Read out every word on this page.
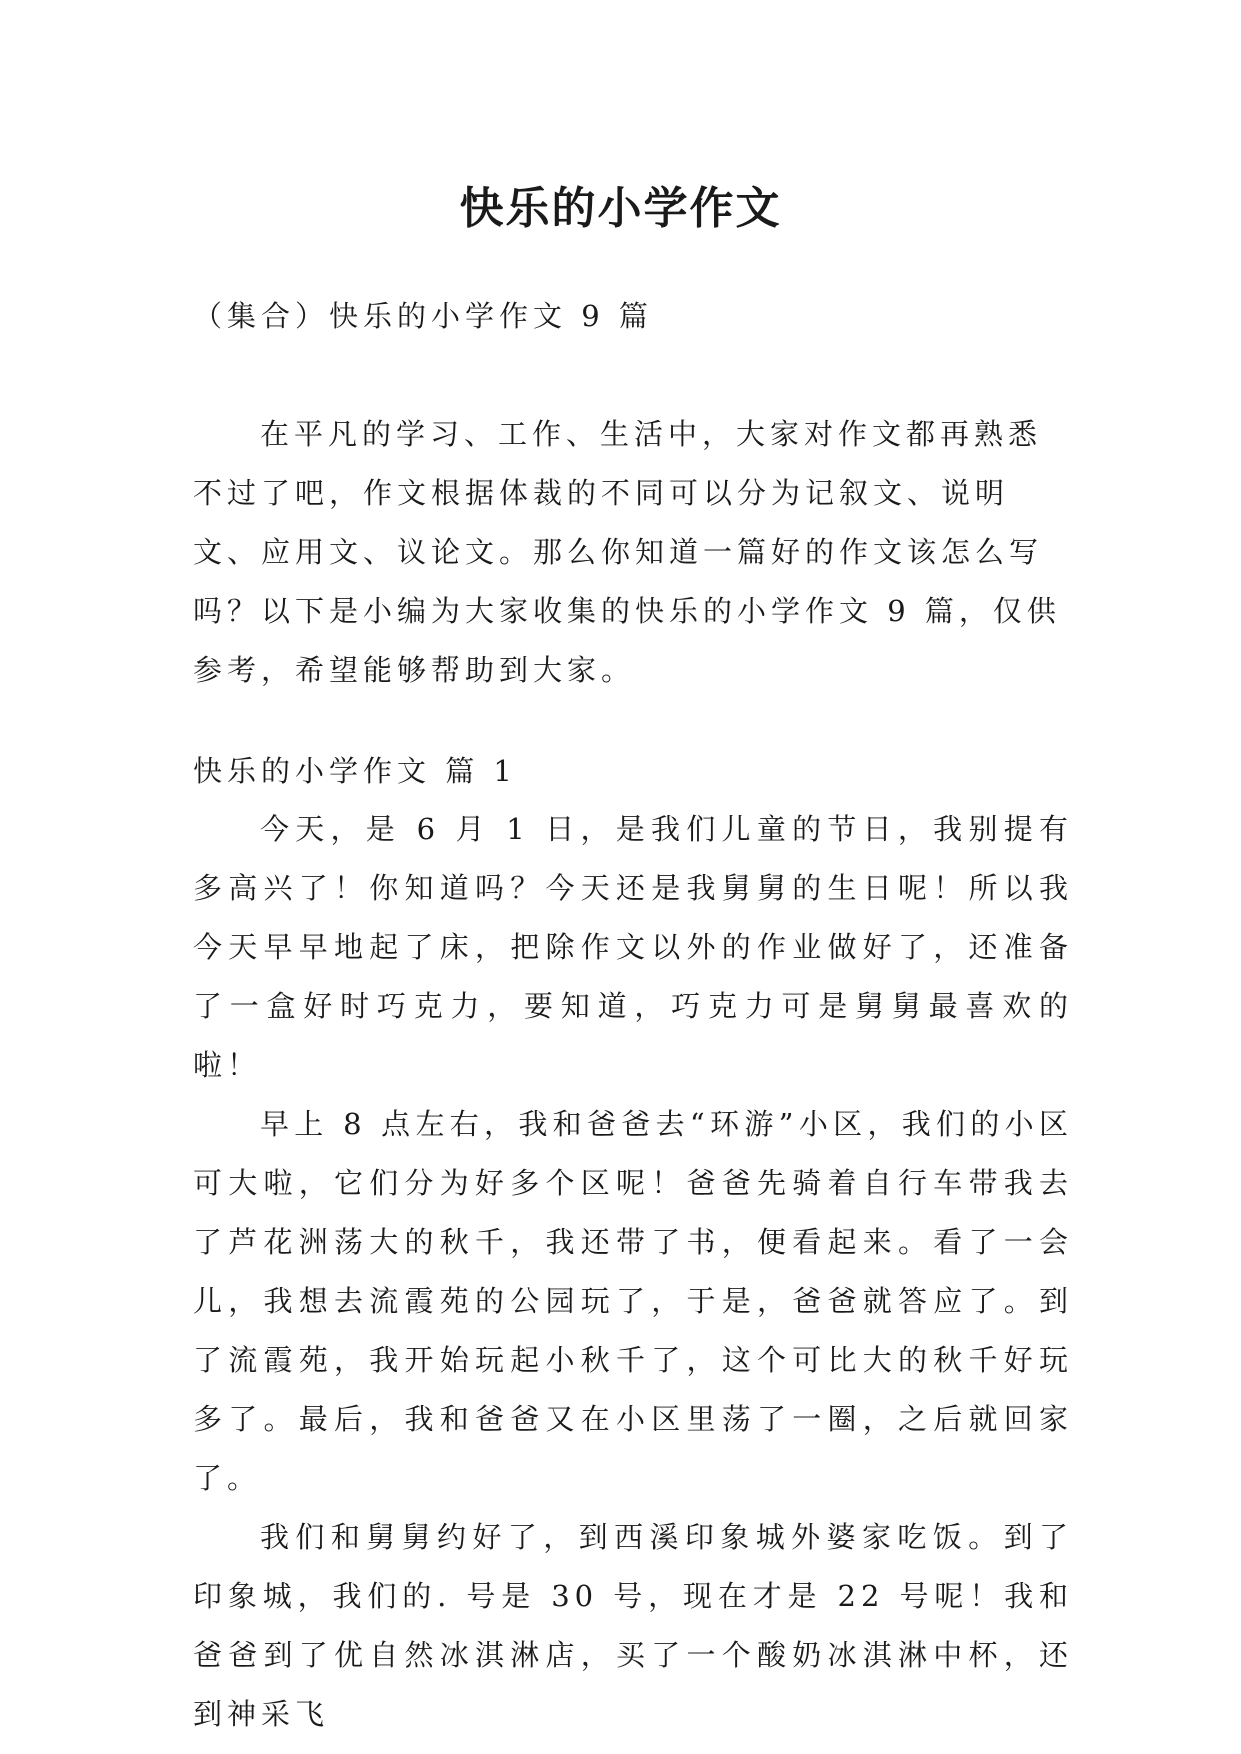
快乐的小学作文
（集合）快乐的小学作文 9 篇

在平凡的学习、工作、生活中，大家对作文都再熟悉不过了吧，作文根据体裁的不同可以分为记叙文、说明文、应用文、议论文。那么你知道一篇好的作文该怎么写吗？以下是小编为大家收集的快乐的小学作文 9 篇，仅供参考，希望能够帮助到大家。

快乐的小学作文 篇 1

今天，是 6 月 1 日，是我们儿童的节日，我别提有多高兴了！你知道吗？今天还是我舅舅的生日呢！所以我今天早早地起了床，把除作文以外的作业做好了，还准备了一盒好时巧克力，要知道，巧克力可是舅舅最喜欢的啦！

早上 8 点左右，我和爸爸去“环游”小区，我们的小区可大啦，它们分为好多个区呢！爸爸先骑着自行车带我去了芦花洲荡大的秋千，我还带了书，便看起来。看了一会儿，我想去流霞苑的公园玩了，于是，爸爸就答应了。到了流霞苑，我开始玩起小秋千了，这个可比大的秋千好玩多了。最后，我和爸爸又在小区里荡了一圈，之后就回家了。

我们和舅舅约好了，到西溪印象城外婆家吃饭。到了印象城，我们的. 号是 30 号，现在才是 22 号呢！我和爸爸到了优自然冰淇淋店，买了一个酸奶冰淇淋中杯，还到神采飞
